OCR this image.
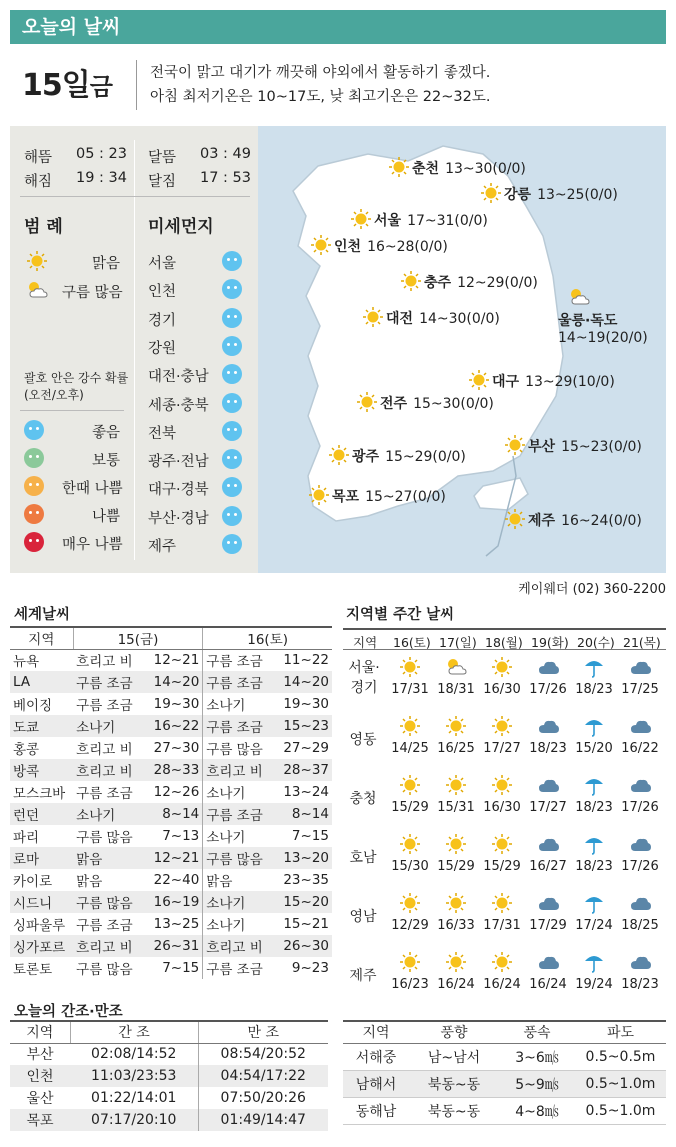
오늘의 날씨
15일금	전국이 맑고 대기가 깨끗해 야외에서 활동하기 좋겠다.
아침 최저기온은 10~17도, 낮 최고기온은 22~32도.
해뜸 05 : 23
해짐 19 : 34
달뜸 03 : 49
달짐 17 : 53
범 례	미세먼지
맑음
구름 많음
괄호 안은 강수 확률
(오전/오후)
좋음
보통
한때 나쁨
나쁨
매우 나쁨
서울
인천
경기
강원
대전·충남
세종·충북
전북
광주·전남
대구·경북
부산·경남
제주
춘천 13~30(0/0)
강릉 13~25(0/0)
서울 17~31(0/0)
인천 16~28(0/0)
충주 12~29(0/0)
대전 14~30(0/0)	울릉·독도
14~19(20/0)
대구 13~29(10/0)
전주 15~30(0/0)
부산 15~23(0/0)
광주 15~29(0/0)
목포 15~27(0/0)
제주 16~24(0/0)
케이웨더 (02) 360-2200
세계날씨
지역	15(금)		16(토)	
뉴욕	흐리고 비	12~21	구름 조금	11~22
LA	구름 조금	14~20	구름 조금	14~20
베이징	구름 조금	19~30	소나기	19~30
도쿄	소나기	16~22	구름 조금	15~23
홍콩	흐리고 비	27~30	구름 많음	27~29
방콕	흐리고 비	28~33	흐리고 비	28~37
모스크바	구름 조금	12~26	소나기	13~24
런던	소나기	8~14	구름 조금	8~14
파리	구름 많음	7~13	소나기	7~15
로마	맑음	12~21	구름 많음	13~20
카이로	맑음	22~40	맑음	23~35
시드니	구름 많음	16~19	소나기	15~20
싱파울루	구름 조금	13~25	소나기	15~21
싱가포르	흐리고 비	26~31	흐리고 비	26~30
토론토	구름 많음	7~15	구름 조금	9~23
지역별 주간 날씨
지역 16(토) 17(일) 18(월) 19(화) 20(수) 21(목)
서울·경기	17/31 18/31 16/30 17/26 18/23 17/25
영동
14/25 16/25 17/27 18/23 15/20 16/22
충청
15/29 15/31 16/30 17/27 18/23 17/26
호남
15/30 15/29 15/29 16/27 18/23 17/26
영남
12/29 16/33 17/31 17/29 17/24 18/25
제주
16/23 16/24 16/24 16/24 19/24 18/23
오늘의 간조·만조
지역	간 조	만 조
부산	02:08/14:52	08:54/20:52
인천	11:03/23:53	04:54/17:22
울산	01:22/14:01	07:50/20:26
목포	07:17/20:10	01:49/14:47
지역	풍향	풍속	파도
서해중	남~남서	3~6㎧	0.5~0.5m
남해서	북동~동	5~9㎧	0.5~1.0m
동해남	북동~동	4~8㎧	0.5~1.0m
